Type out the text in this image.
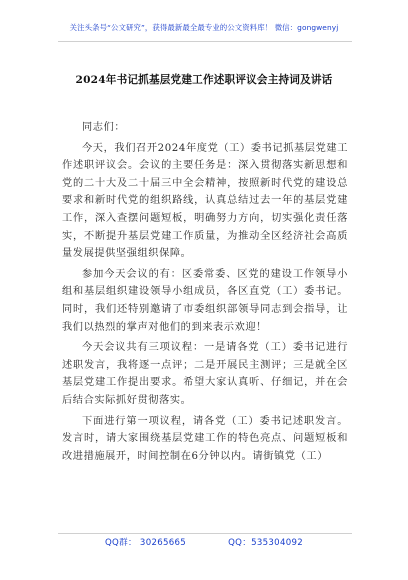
关注头条号“公文研究”，获得最新最全最专业的公文资料库！ 微信：gongwenyj
2024年书记抓基层党建工作述职评议会主持词及讲话

同志们：

今天，我们召开2024年度党（工）委书记抓基层党建工作述职评议会。会议的主要任务是：深入贯彻落实新思想和党的二十大及二十届三中全会精神，按照新时代党的建设总要求和新时代党的组织路线，认真总结过去一年的基层党建工作，深入查摆问题短板，明确努力方向，切实强化责任落实，不断提升基层党建工作质量，为推动全区经济社会高质量发展提供坚强组织保障。

参加今天会议的有：区委常委、区党的建设工作领导小组和基层组织建设领导小组成员，各区直党（工）委书记。同时，我们还特别邀请了市委组织部领导同志到会指导，让我们以热烈的掌声对他们的到来表示欢迎！

今天会议共有三项议程：一是请各党（工）委书记进行述职发言，我将逐一点评；二是开展民主测评；三是就全区基层党建工作提出要求。希望大家认真听、仔细记，并在会后结合实际抓好贯彻落实。

下面进行第一项议程，请各党（工）委书记述职发言。发言时，请大家围绕基层党建工作的特色亮点、问题短板和改进措施展开，时间控制在6分钟以内。请街镇党（工）

QQ群： 30265665	QQ：535304092
